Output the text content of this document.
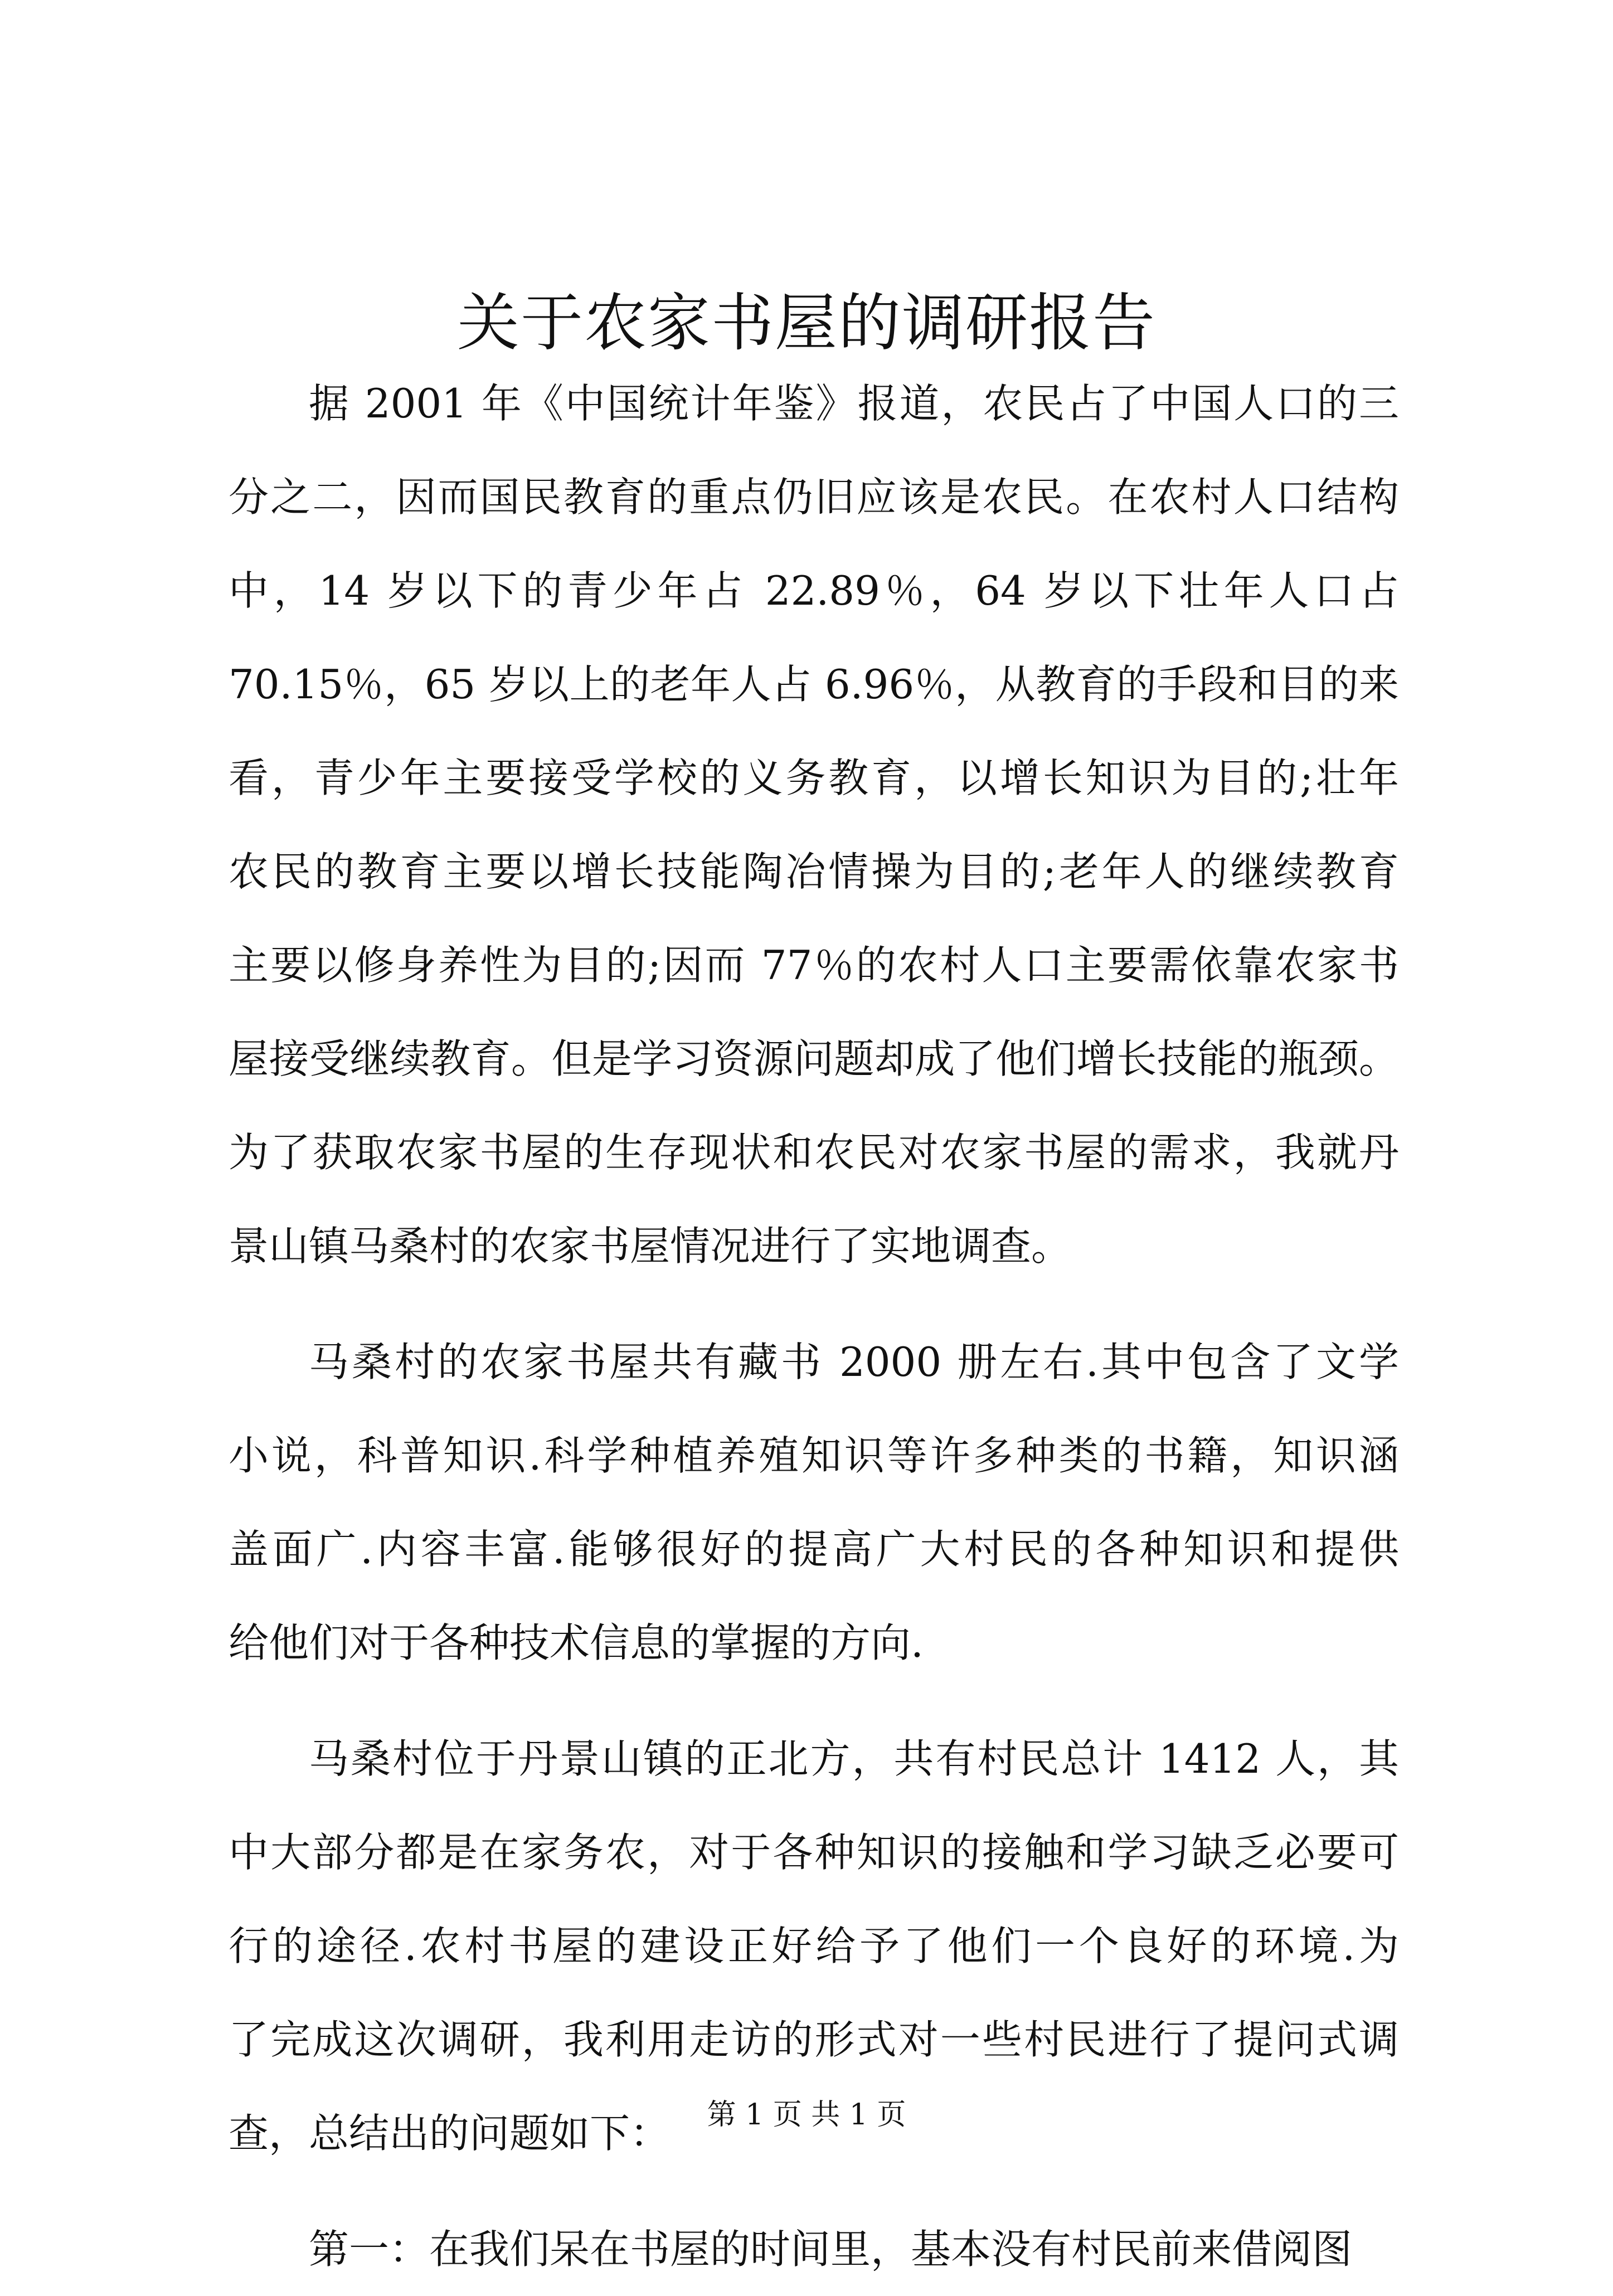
关于农家书屋的调研报告
据 2001 年《中国统计年鉴》报道，农民占了中国人口的三
分之二，因而国民教育的重点仍旧应该是农民。在农村人口结构
中，14 岁以下的青少年占 22.89％，64 岁以下壮年人口占
70.15％，65 岁以上的老年人占 6.96％，从教育的手段和目的来
看，青少年主要接受学校的义务教育，以增长知识为目的;壮年
农民的教育主要以增长技能陶冶情操为目的;老年人的继续教育
主要以修身养性为目的;因而 77％的农村人口主要需依靠农家书
屋接受继续教育。但是学习资源问题却成了他们增长技能的瓶颈。
为了获取农家书屋的生存现状和农民对农家书屋的需求，我就丹
景山镇马桑村的农家书屋情况进行了实地调查。
马桑村的农家书屋共有藏书 2000 册左右.其中包含了文学
小说，科普知识.科学种植养殖知识等许多种类的书籍，知识涵
盖面广.内容丰富.能够很好的提高广大村民的各种知识和提供
给他们对于各种技术信息的掌握的方向.
马桑村位于丹景山镇的正北方，共有村民总计 1412 人，其
中大部分都是在家务农，对于各种知识的接触和学习缺乏必要可
行的途径.农村书屋的建设正好给予了他们一个良好的环境.为
了完成这次调研，我利用走访的形式对一些村民进行了提问式调
查，总结出的问题如下：
第一：在我们呆在书屋的时间里，基本没有村民前来借阅图
第 1 页 共 1 页
